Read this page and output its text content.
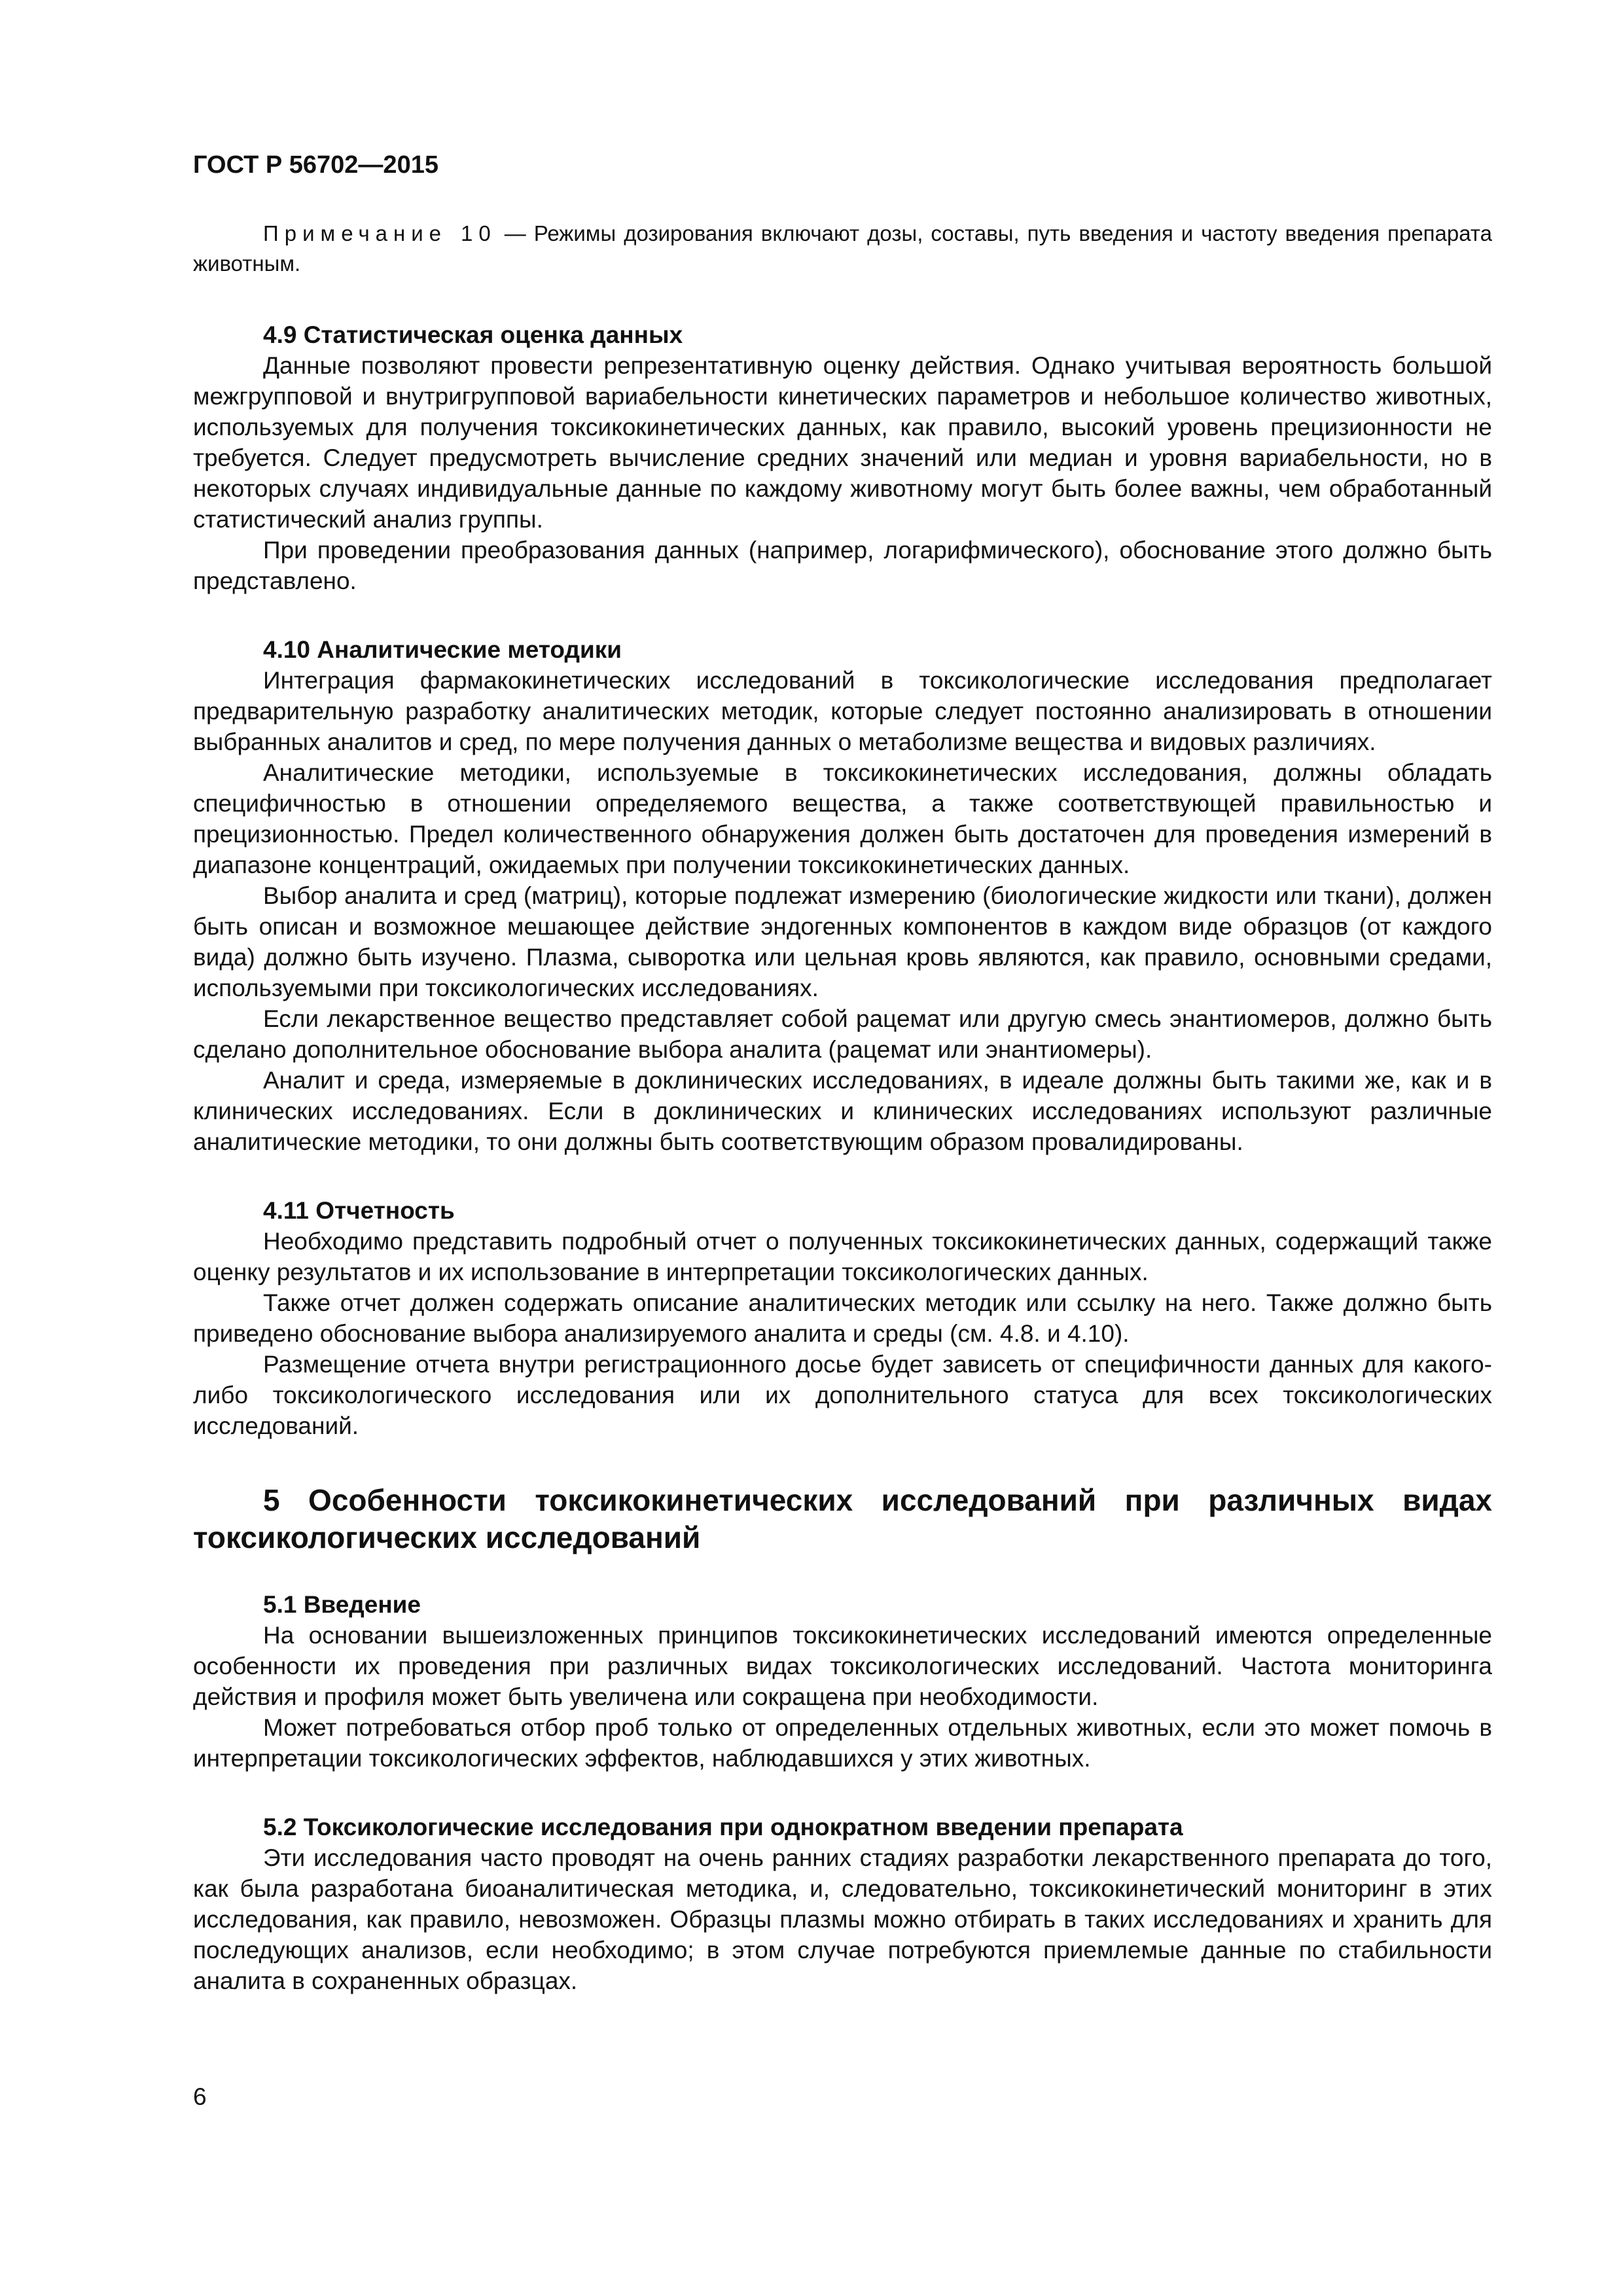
ГОСТ Р 56702—2015

Примечание 10 — Режимы дозирования включают дозы, составы, путь введения и частоту введения препарата животным.

4.9 Статистическая оценка данных

Данные позволяют провести репрезентативную оценку действия. Однако учитывая вероятность большой межгрупповой и внутригрупповой вариабельности кинетических параметров и небольшое количество животных, используемых для получения токсикокинетических данных, как правило, высокий уровень прецизионности не требуется. Следует предусмотреть вычисление средних значений или медиан и уровня вариабельности, но в некоторых случаях индивидуальные данные по каждому животному могут быть более важны, чем обработанный статистический анализ группы.

При проведении преобразования данных (например, логарифмического), обоснование этого должно быть представлено.

4.10 Аналитические методики

Интеграция фармакокинетических исследований в токсикологические исследования предполагает предварительную разработку аналитических методик, которые следует постоянно анализировать в отношении выбранных аналитов и сред, по мере получения данных о метаболизме вещества и видовых различиях.

Аналитические методики, используемые в токсикокинетических исследования, должны обладать специфичностью в отношении определяемого вещества, а также соответствующей правильностью и прецизионностью. Предел количественного обнаружения должен быть достаточен для проведения измерений в диапазоне концентраций, ожидаемых при получении токсикокинетических данных.

Выбор аналита и сред (матриц), которые подлежат измерению (биологические жидкости или ткани), должен быть описан и возможное мешающее действие эндогенных компонентов в каждом виде образцов (от каждого вида) должно быть изучено. Плазма, сыворотка или цельная кровь являются, как правило, основными средами, используемыми при токсикологических исследованиях.

Если лекарственное вещество представляет собой рацемат или другую смесь энантиомеров, должно быть сделано дополнительное обоснование выбора аналита (рацемат или энантиомеры).

Аналит и среда, измеряемые в доклинических исследованиях, в идеале должны быть такими же, как и в клинических исследованиях. Если в доклинических и клинических исследованиях используют различные аналитические методики, то они должны быть соответствующим образом провалидированы.

4.11 Отчетность

Необходимо представить подробный отчет о полученных токсикокинетических данных, содержащий также оценку результатов и их использование в интерпретации токсикологических данных.

Также отчет должен содержать описание аналитических методик или ссылку на него. Также должно быть приведено обоснование выбора анализируемого аналита и среды (см. 4.8. и 4.10).

Размещение отчета внутри регистрационного досье будет зависеть от специфичности данных для какого-либо токсикологического исследования или их дополнительного статуса для всех токсикологических исследований.

5 Особенности токсикокинетических исследований при различных видах токсикологических исследований

5.1 Введение

На основании вышеизложенных принципов токсикокинетических исследований имеются определенные особенности их проведения при различных видах токсикологических исследований. Частота мониторинга действия и профиля может быть увеличена или сокращена при необходимости.

Может потребоваться отбор проб только от определенных отдельных животных, если это может помочь в интерпретации токсикологических эффектов, наблюдавшихся у этих животных.

5.2 Токсикологические исследования при однократном введении препарата

Эти исследования часто проводят на очень ранних стадиях разработки лекарственного препарата до того, как была разработана биоаналитическая методика, и, следовательно, токсикокинетический мониторинг в этих исследования, как правило, невозможен. Образцы плазмы можно отбирать в таких исследованиях и хранить для последующих анализов, если необходимо; в этом случае потребуются приемлемые данные по стабильности аналита в сохраненных образцах.

6
